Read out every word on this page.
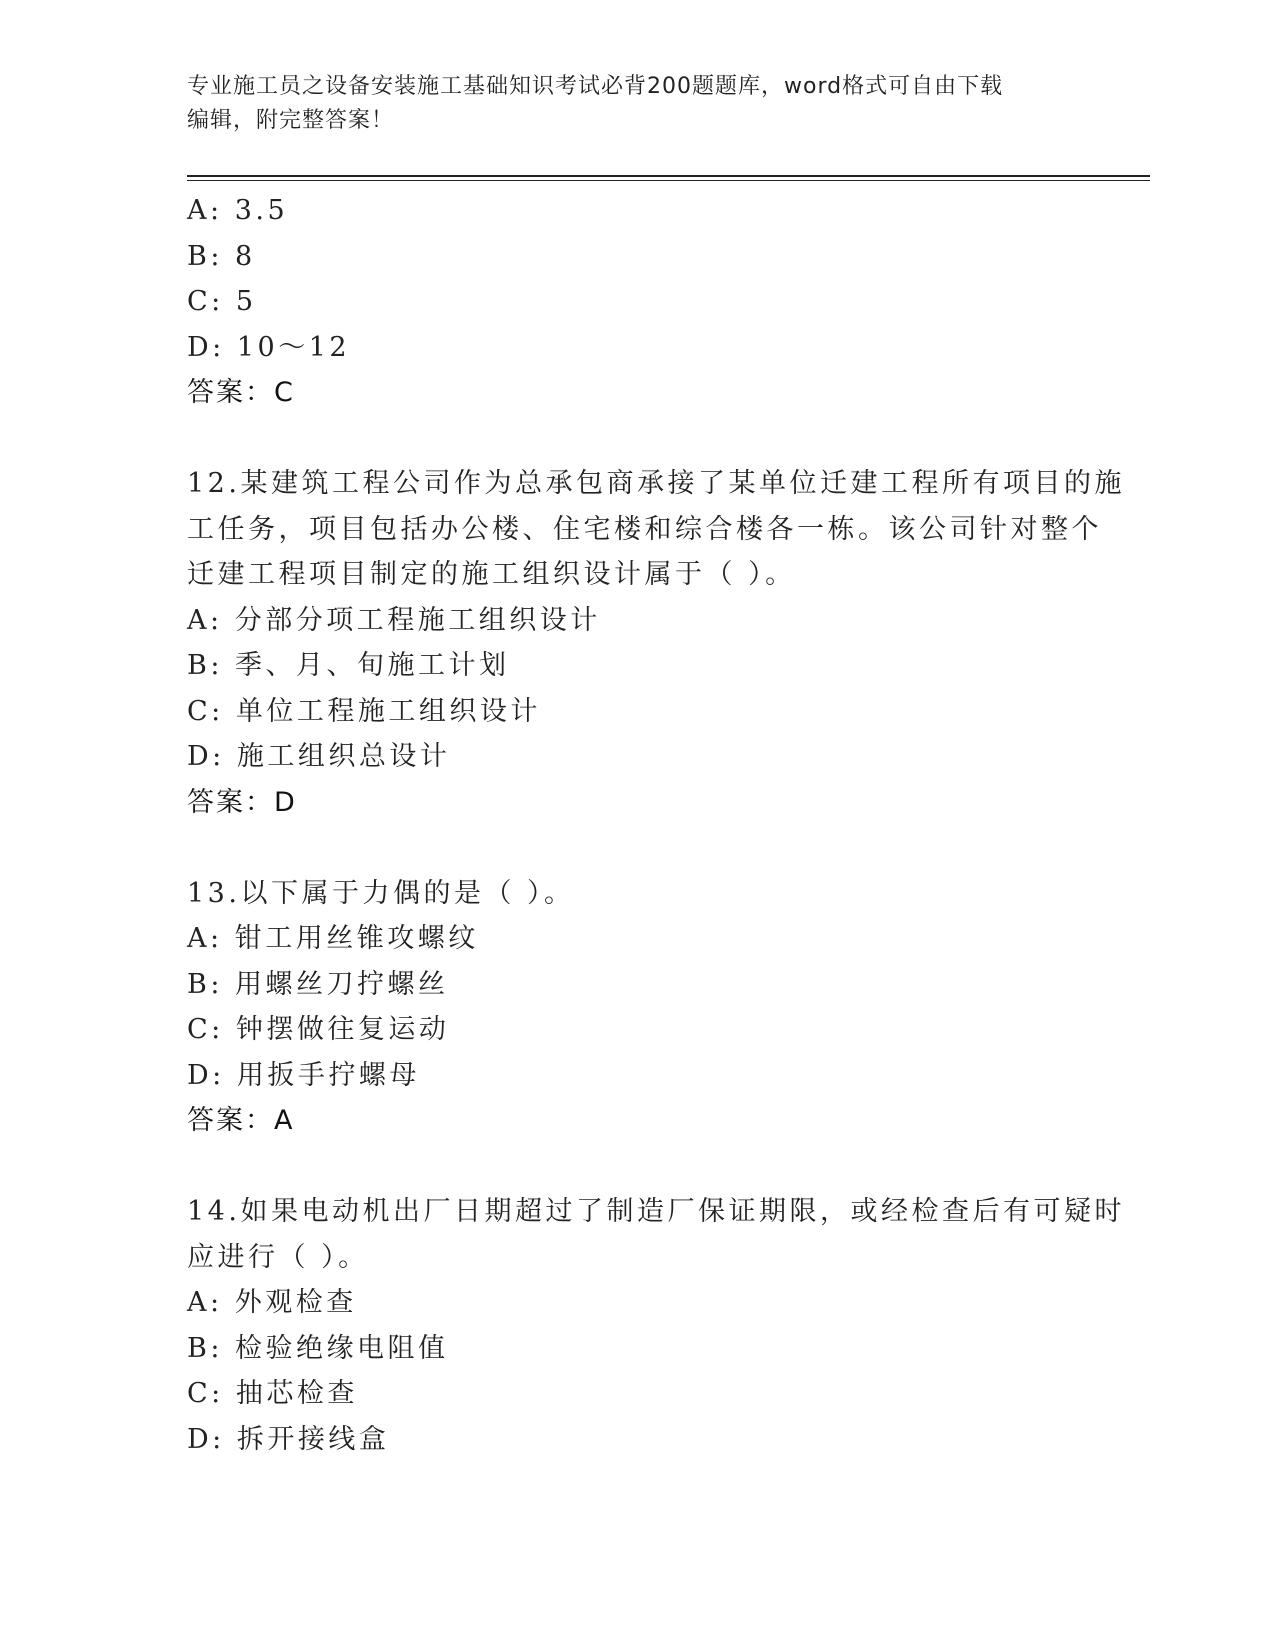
专业施工员之设备安装施工基础知识考试必背200题题库，word格式可自由下载
编辑，附完整答案！
A: 3.5
B: 8
C: 5
D: 10～12
答案：C
12.某建筑工程公司作为总承包商承接了某单位迁建工程所有项目的施
工任务，项目包括办公楼、住宅楼和综合楼各一栋。该公司针对整个
迁建工程项目制定的施工组织设计属于（ ）。
A: 分部分项工程施工组织设计
B: 季、月、旬施工计划
C: 单位工程施工组织设计
D: 施工组织总设计
答案：D
13.以下属于力偶的是（ ）。
A: 钳工用丝锥攻螺纹
B: 用螺丝刀拧螺丝
C: 钟摆做往复运动
D: 用扳手拧螺母
答案：A
14.如果电动机出厂日期超过了制造厂保证期限，或经检查后有可疑时
应进行（ ）。
A: 外观检查
B: 检验绝缘电阻值
C: 抽芯检查
D: 拆开接线盒
